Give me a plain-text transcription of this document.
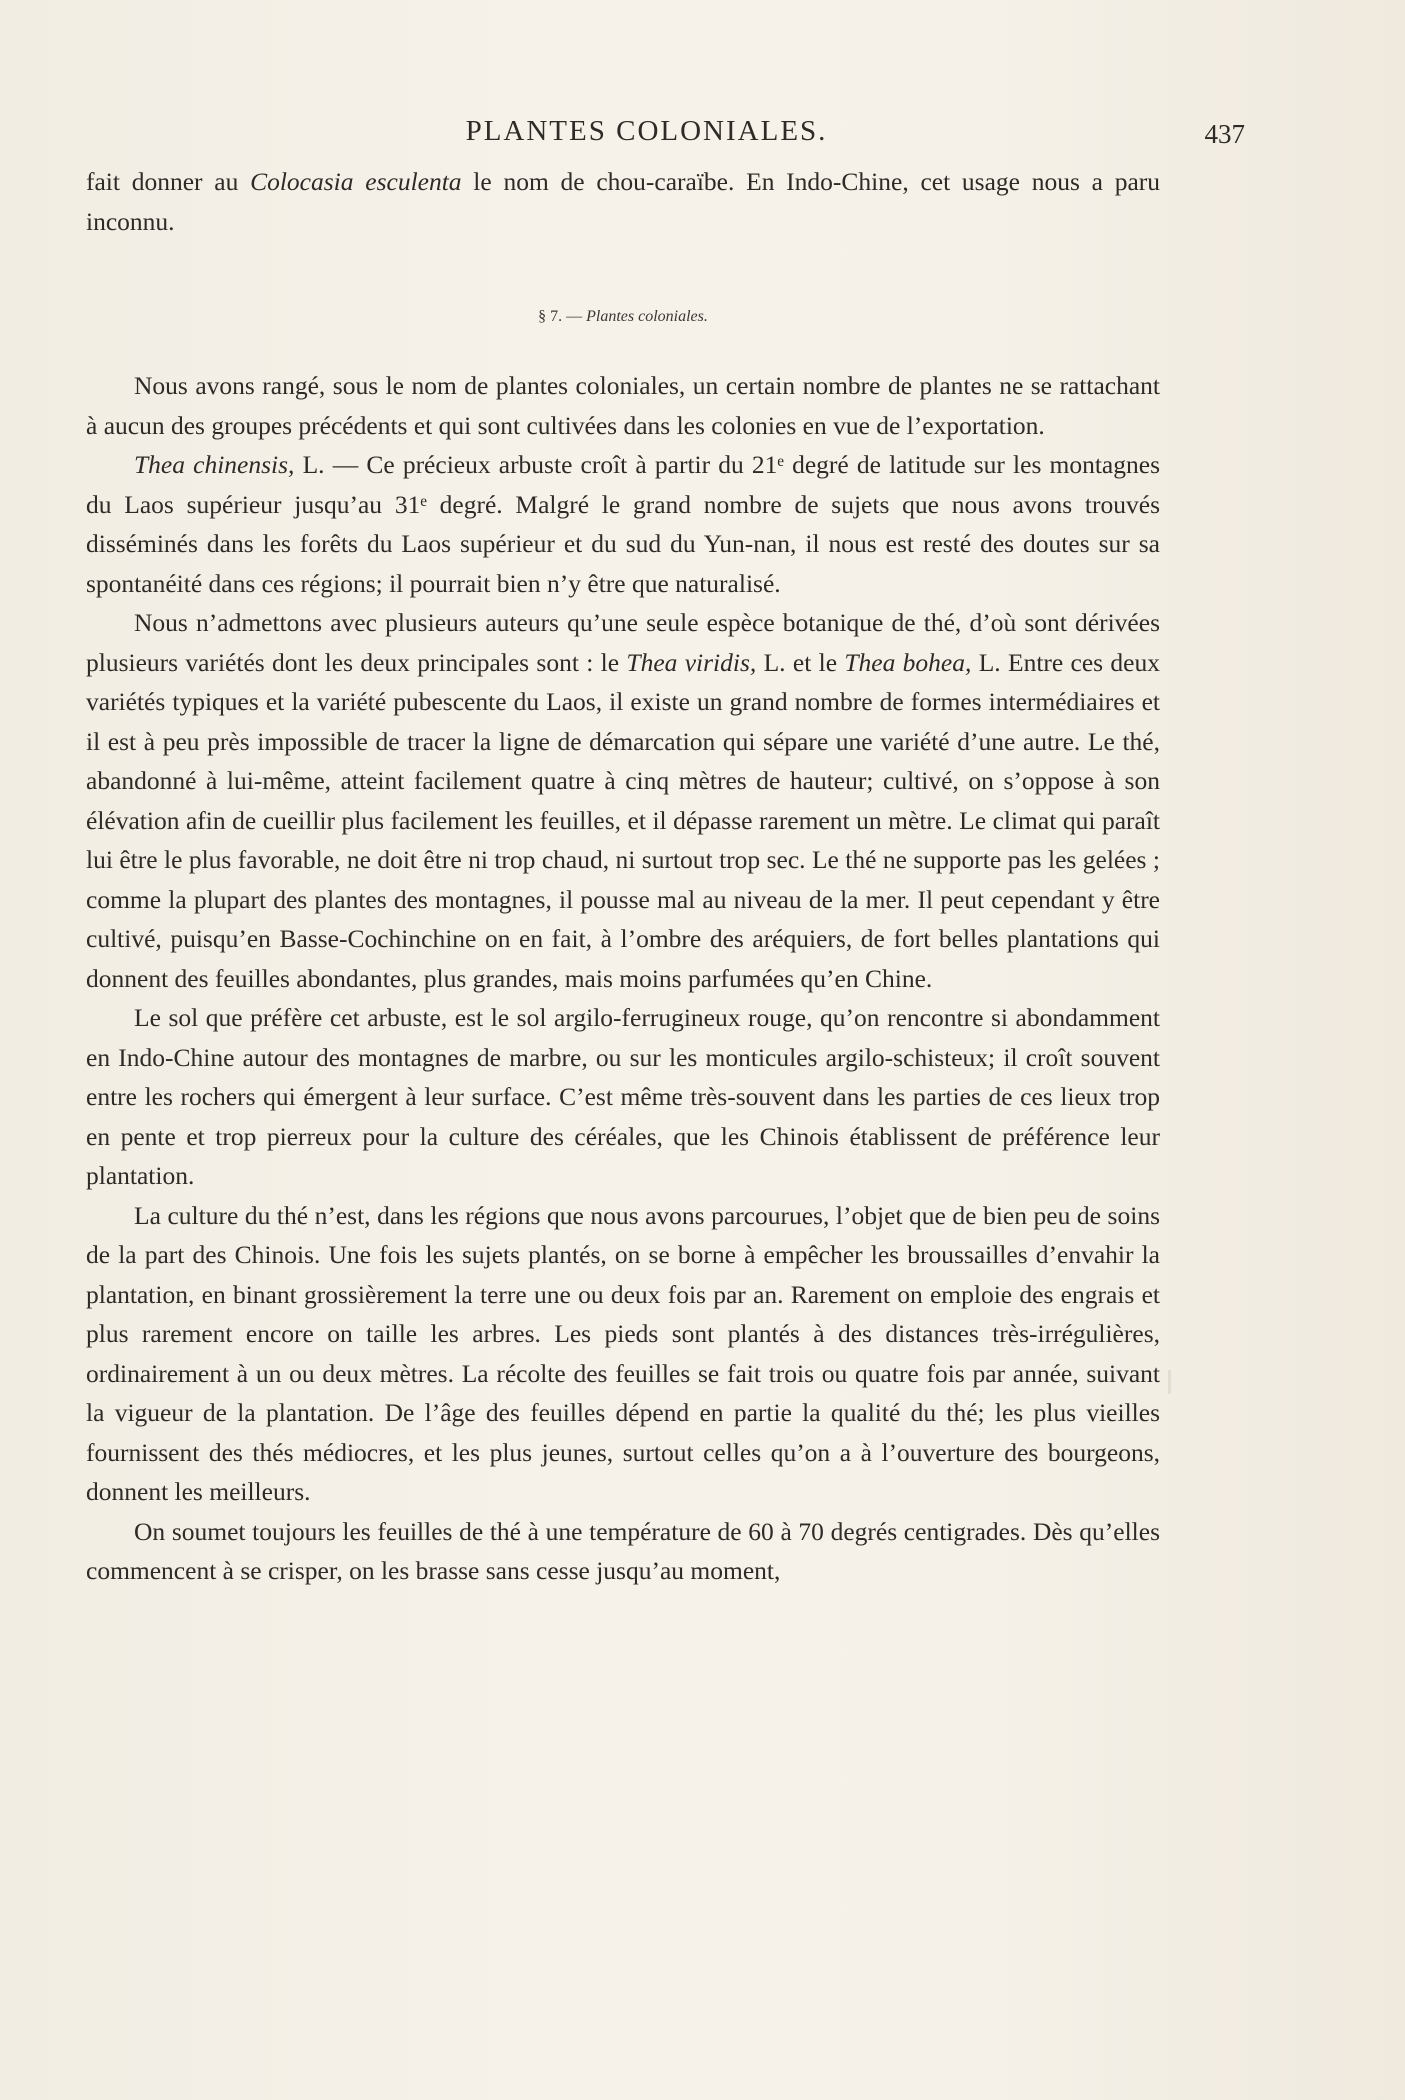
PLANTES COLONIALES.	437

fait donner au Colocasia esculenta le nom de chou-caraïbe. En Indo-Chine, cet usage nous a paru inconnu.

§ 7. — Plantes coloniales.

Nous avons rangé, sous le nom de plantes coloniales, un certain nombre de plantes ne se rattachant à aucun des groupes précédents et qui sont cultivées dans les colonies en vue de l’exportation.

Thea chinensis, L. — Ce précieux arbuste croît à partir du 21ᵉ degré de latitude sur les montagnes du Laos supérieur jusqu’au 31ᵉ degré. Malgré le grand nombre de sujets que nous avons trouvés disséminés dans les forêts du Laos supérieur et du sud du Yun-nan, il nous est resté des doutes sur sa spontanéité dans ces régions; il pourrait bien n’y être que naturalisé.

Nous n’admettons avec plusieurs auteurs qu’une seule espèce botanique de thé, d’où sont dérivées plusieurs variétés dont les deux principales sont : le Thea viridis, L. et le Thea bohea, L. Entre ces deux variétés typiques et la variété pubescente du Laos, il existe un grand nombre de formes intermédiaires et il est à peu près impossible de tracer la ligne de démarcation qui sépare une variété d’une autre. Le thé, abandonné à lui-même, atteint facilement quatre à cinq mètres de hauteur; cultivé, on s’oppose à son élévation afin de cueillir plus facilement les feuilles, et il dépasse rarement un mètre. Le climat qui paraît lui être le plus favorable, ne doit être ni trop chaud, ni surtout trop sec. Le thé ne supporte pas les gelées ; comme la plupart des plantes des montagnes, il pousse mal au niveau de la mer. Il peut cependant y être cultivé, puisqu’en Basse-Cochinchine on en fait, à l’ombre des aréquiers, de fort belles plantations qui donnent des feuilles abondantes, plus grandes, mais moins parfumées qu’en Chine.

Le sol que préfère cet arbuste, est le sol argilo-ferrugineux rouge, qu’on rencontre si abondamment en Indo-Chine autour des montagnes de marbre, ou sur les monticules argilo-schisteux; il croît souvent entre les rochers qui émergent à leur surface. C’est même très-souvent dans les parties de ces lieux trop en pente et trop pierreux pour la culture des céréales, que les Chinois établissent de préférence leur plantation.

La culture du thé n’est, dans les régions que nous avons parcourues, l’objet que de bien peu de soins de la part des Chinois. Une fois les sujets plantés, on se borne à empêcher les broussailles d’envahir la plantation, en binant grossièrement la terre une ou deux fois par an. Rarement on emploie des engrais et plus rarement encore on taille les arbres. Les pieds sont plantés à des distances très-irrégulières, ordinairement à un ou deux mètres. La récolte des feuilles se fait trois ou quatre fois par année, suivant la vigueur de la plantation. De l’âge des feuilles dépend en partie la qualité du thé; les plus vieilles fournissent des thés médiocres, et les plus jeunes, surtout celles qu’on a à l’ouverture des bourgeons, donnent les meilleurs.

On soumet toujours les feuilles de thé à une température de 60 à 70 degrés centigrades. Dès qu’elles commencent à se crisper, on les brasse sans cesse jusqu’au moment,
